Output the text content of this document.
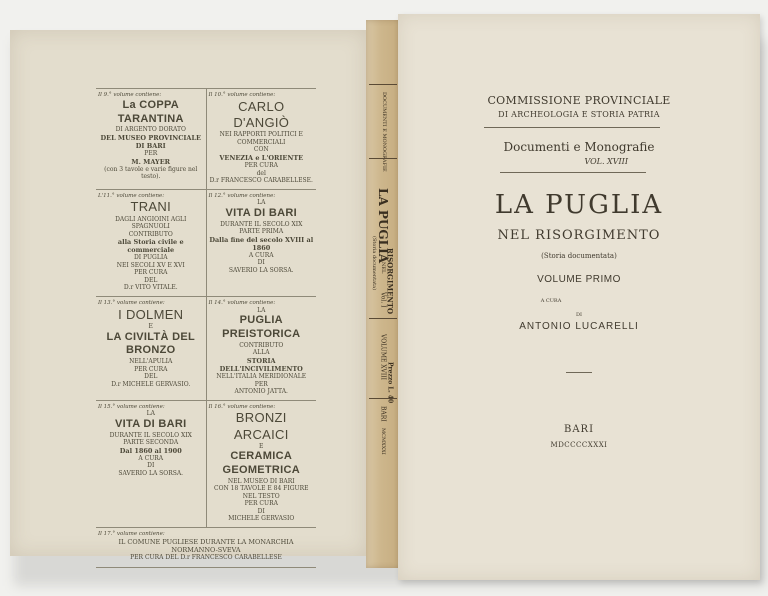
Il 9.° volume contiene:
La COPPA TARANTINA
DI ARGENTO DORATO
DEL MUSEO PROVINCIALE DI BARI
PER
M. MAYER
(con 3 tavole e varie figure nel testo).
Il 10.° volume contiene:
CARLO D'ANGIÒ
NEI RAPPORTI POLITICI E COMMERCIALI
CON
VENEZIA e L'ORIENTE
PER CURA
del
D.r FRANCESCO CARABELLESE.
L'11.° volume contiene:
TRANI
DAGLI ANGIOINI AGLI SPAGNUOLI
CONTRIBUTO
alla Storia civile e commerciale
DI PUGLIA
NEI SECOLI XV E XVI
PER CURA
DEL
D.r VITO VITALE.
Il 12.° volume contiene:
LA
VITA DI BARI
DURANTE IL SECOLO XIX
PARTE PRIMA
Dalla fine del secolo XVIII al 1860
A CURA
DI
SAVERIO LA SORSA.
Il 13.° volume contiene:
I DOLMEN
E
LA CIVILTÀ DEL BRONZO
NELL'APULIA
PER CURA
DEL
D.r MICHELE GERVASIO.
Il 14.° volume contiene:
LA
PUGLIA PREISTORICA
CONTRIBUTO
ALLA
STORIA DELL'INCIVILIMENTO
NELL'ITALIA MERIDIONALE
PER
ANTONIO JATTA.
Il 15.° volume contiene:
LA
VITA DI BARI
DURANTE IL SECOLO XIX
PARTE SECONDA
Dal 1860 al 1900
A CURA
DI
SAVERIO LA SORSA.
Il 16.° volume contiene:
BRONZI ARCAICI
E
CERAMICA GEOMETRICA
NEL MUSEO DI BARI
CON 18 TAVOLE E 84 FIGURE NEL TESTO
PER CURA
DI
MICHELE GERVASIO
Il 17.° volume contiene:
IL COMUNE PUGLIESE DURANTE LA MONARCHIA NORMANNO-SVEVA
PER CURA DEL D.r FRANCESCO CARABELLESE
DOCUMENTI E MONOGRAFIE
LA PUGLIA
NEL RISORGIMENTO
(Storia documentata)
Vol. I
VOLUME XVIII
Prezzo L. 40
BARI
MCMXXXI
COMMISSIONE PROVINCIALE
DI ARCHEOLOGIA E STORIA PATRIA
Documenti e Monografie
VOL. XVIII
LA PUGLIA
NEL RISORGIMENTO
(Storia documentata)
VOLUME PRIMO
A CURA
DI
ANTONIO LUCARELLI
BARI
MDCCCCXXXI
